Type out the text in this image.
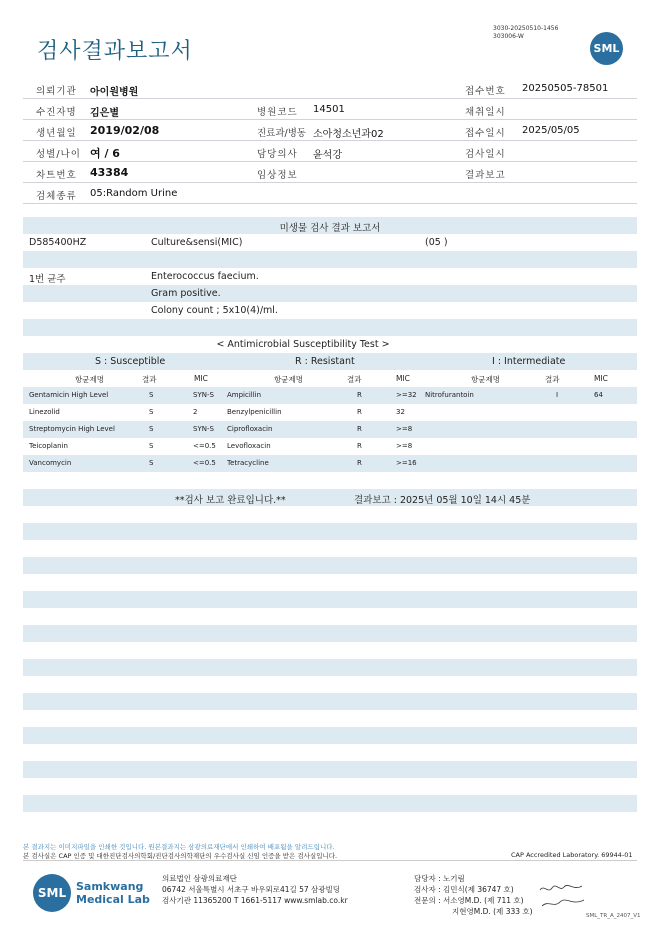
검사결과보고서
3030-20250510-1456
303006-W
SML
의뢰기관 아이원병원	접수번호 20250505-78501
수진자명 김은별	병원코드 14501	채취일시
생년월일 2019/02/08	진료과/병동 소아청소년과02	접수일시 2025/05/05
성별/나이 여 / 6	담당의사 윤석강	검사일시
차트번호 43384	임상정보	결과보고
검체종류 05:Random Urine
미생물 검사 결과 보고서
D585400HZ	Culture&sensi(MIC)	(05 )
1번 균주	Enterococcus faecium.
Gram positive.
Colony count ; 5x10(4)/ml.
< Antimicrobial Susceptibility Test >
S : Susceptible	R : Resistant	I : Intermediate
항균제명	결과	MIC	항균제명	결과	MIC	항균제명	결과	MIC
Gentamicin High Level	S	SYN-S Ampicillin	R	>=32 Nitrofurantoin	I	64
Linezolid	S	2	Benzylpenicillin	R	32
Streptomycin High Level	S	SYN-S Ciprofloxacin	R	>=8
Teicoplanin	S	<=0.5 Levofloxacin	R	>=8
Vancomycin	S	<=0.5 Tetracycline	R	>=16
**검사 보고 완료입니다.**	결과보고 : 2025년 05월 10일 14시 45분
본 결과지는 이미지파일을 인쇄한 것입니다. 원본결과지는 삼광의료재단에서 인쇄하여 배포됨을 알려드립니다.
본 검사실은 CAP 인증 및 대한진단검사의학회/진단검사의학재단의 우수검사실 신임 인증을 받은 검사실입니다.	CAP Accredited Laboratory. 69944-01
SML Samkwang
Medical Lab
의료법인 삼광의료재단
06742 서울특별시 서초구 바우뫼로41길 57 삼광빌딩
검사기관 11365200 T 1661-5117 www.smlab.co.kr
담당자 : 노기림
검사자 : 김민식(제 36747 호)
전문의 : 서소영M.D. (제 711 호)
지현영M.D. (제 333 호)	SML_TR_A_2407_V1
